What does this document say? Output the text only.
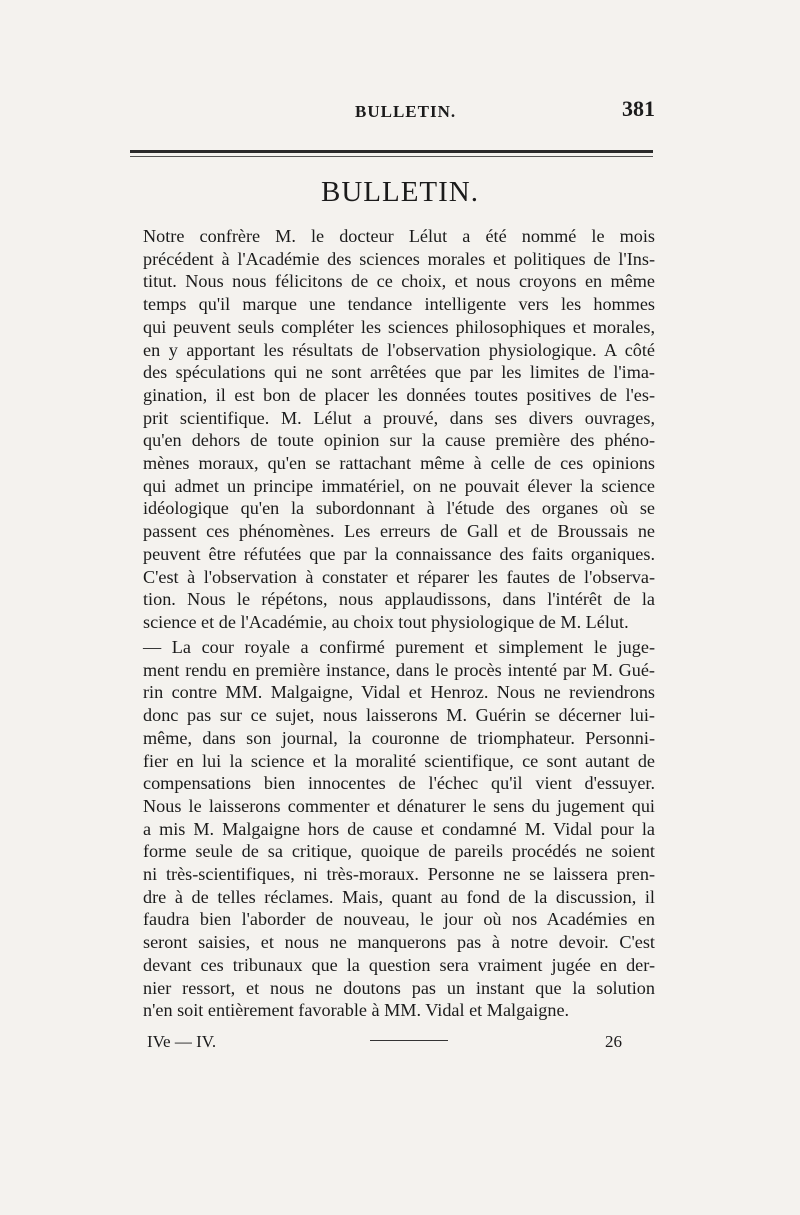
BULLETIN.	381
BULLETIN.
Notre confrère M. le docteur Lélut a été nommé le mois
précédent à l'Académie des sciences morales et politiques de l'Ins-
titut. Nous nous félicitons de ce choix, et nous croyons en même
temps qu'il marque une tendance intelligente vers les hommes
qui peuvent seuls compléter les sciences philosophiques et morales,
en y apportant les résultats de l'observation physiologique. A côté
des spéculations qui ne sont arrêtées que par les limites de l'ima-
gination, il est bon de placer les données toutes positives de l'es-
prit scientifique. M. Lélut a prouvé, dans ses divers ouvrages,
qu'en dehors de toute opinion sur la cause première des phéno-
mènes moraux, qu'en se rattachant même à celle de ces opinions
qui admet un principe immatériel, on ne pouvait élever la science
idéologique qu'en la subordonnant à l'étude des organes où se
passent ces phénomènes. Les erreurs de Gall et de Broussais ne
peuvent être réfutées que par la connaissance des faits organiques.
C'est à l'observation à constater et réparer les fautes de l'observa-
tion. Nous le répétons, nous applaudissons, dans l'intérêt de la
science et de l'Académie, au choix tout physiologique de M. Lélut.
— La cour royale a confirmé purement et simplement le juge-
ment rendu en première instance, dans le procès intenté par M. Gué-
rin contre MM. Malgaigne, Vidal et Henroz. Nous ne reviendrons
donc pas sur ce sujet, nous laisserons M. Guérin se décerner lui-
même, dans son journal, la couronne de triomphateur. Personni-
fier en lui la science et la moralité scientifique, ce sont autant de
compensations bien innocentes de l'échec qu'il vient d'essuyer.
Nous le laisserons commenter et dénaturer le sens du jugement qui
a mis M. Malgaigne hors de cause et condamné M. Vidal pour la
forme seule de sa critique, quoique de pareils procédés ne soient
ni très-scientifiques, ni très-moraux. Personne ne se laissera pren-
dre à de telles réclames. Mais, quant au fond de la discussion, il
faudra bien l'aborder de nouveau, le jour où nos Académies en
seront saisies, et nous ne manquerons pas à notre devoir. C'est
devant ces tribunaux que la question sera vraiment jugée en der-
nier ressort, et nous ne doutons pas un instant que la solution
n'en soit entièrement favorable à MM. Vidal et Malgaigne.
IVe — IV.	26
